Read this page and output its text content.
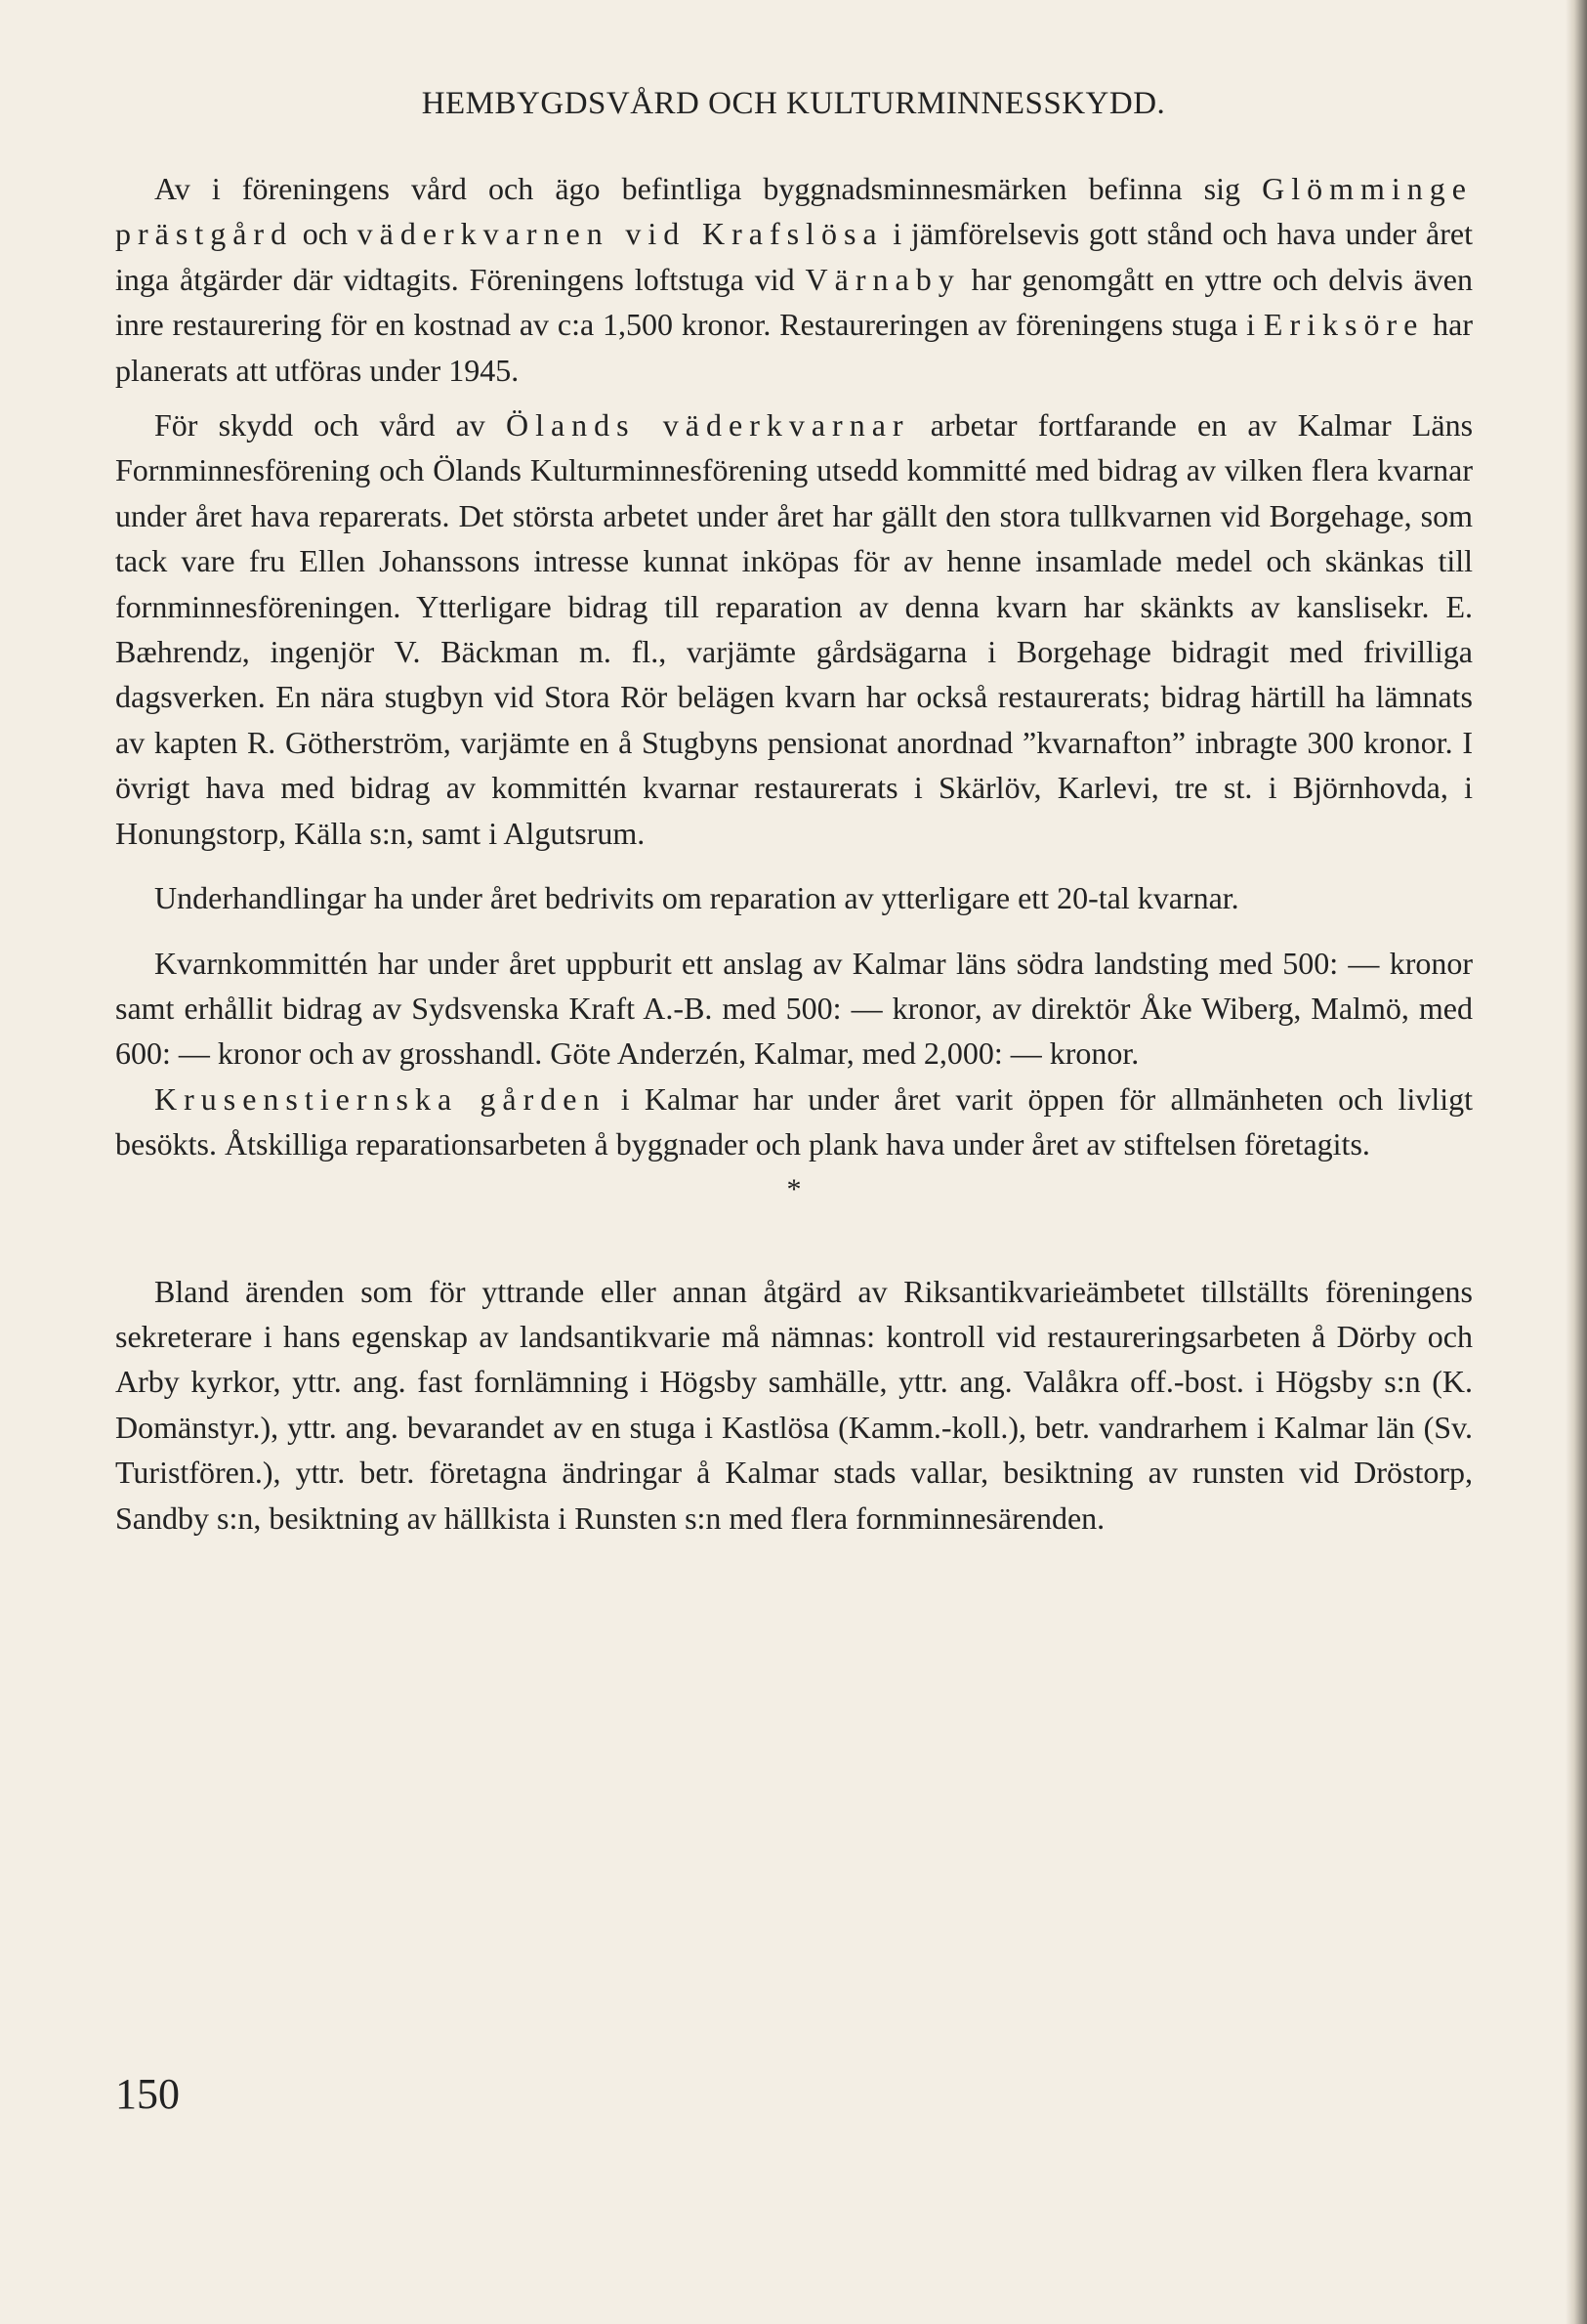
HEMBYGDSVÅRD OCH KULTURMINNESSKYDD.

Av i föreningens vård och ägo befintliga byggnadsminnesmärken befinna sig Glömminge prästgård och väderkvarnen vid Krafslösa i jämförelsevis gott stånd och hava under året inga åtgärder där vidtagits. Föreningens loftstuga vid Värnaby har genomgått en yttre och delvis även inre restaurering för en kostnad av c:a 1,500 kronor. Restaureringen av föreningens stuga i Eriksöre har planerats att utföras under 1945.

För skydd och vård av Ölands väderkvarnar arbetar fortfarande en av Kalmar Läns Fornminnesförening och Ölands Kulturminnesförening utsedd kommitté med bidrag av vilken flera kvarnar under året hava reparerats. Det största arbetet under året har gällt den stora tullkvarnen vid Borgehage, som tack vare fru Ellen Johanssons intresse kunnat inköpas för av henne insamlade medel och skänkas till fornminnesföreningen. Ytterligare bidrag till reparation av denna kvarn har skänkts av kanslisekr. E. Bæhrendz, ingenjör V. Bäckman m. fl., varjämte gårdsägarna i Borgehage bidragit med frivilliga dagsverken. En nära stugbyn vid Stora Rör belägen kvarn har också restaurerats; bidrag härtill ha lämnats av kapten R. Götherström, varjämte en å Stugbyns pensionat anordnad ”kvarnafton” inbragte 300 kronor. I övrigt hava med bidrag av kommittén kvarnar restaurerats i Skärlöv, Karlevi, tre st. i Björnhovda, i Honungstorp, Källa s:n, samt i Algutsrum.

Underhandlingar ha under året bedrivits om reparation av ytterligare ett 20-tal kvarnar.

Kvarnkommittén har under året uppburit ett anslag av Kalmar läns södra landsting med 500: — kronor samt erhållit bidrag av Sydsvenska Kraft A.-B. med 500: — kronor, av direktör Åke Wiberg, Malmö, med 600: — kronor och av grosshandl. Göte Anderzén, Kalmar, med 2,000: — kronor.

Krusenstiernska gården i Kalmar har under året varit öppen för allmänheten och livligt besökts. Åtskilliga reparationsarbeten å byggnader och plank hava under året av stiftelsen företagits.

*

Bland ärenden som för yttrande eller annan åtgärd av Riksantikvarieämbetet tillställts föreningens sekreterare i hans egenskap av landsantikvarie må nämnas: kontroll vid restaureringsarbeten å Dörby och Arby kyrkor, yttr. ang. fast fornlämning i Högsby samhälle, yttr. ang. Valåkra off.-bost. i Högsby s:n (K. Domänstyr.), yttr. ang. bevarandet av en stuga i Kastlösa (Kamm.-koll.), betr. vandrarhem i Kalmar län (Sv. Turistfören.), yttr. betr. företagna ändringar å Kalmar stads vallar, besiktning av runsten vid Dröstorp, Sandby s:n, besiktning av hällkista i Runsten s:n med flera fornminnesärenden.

150
